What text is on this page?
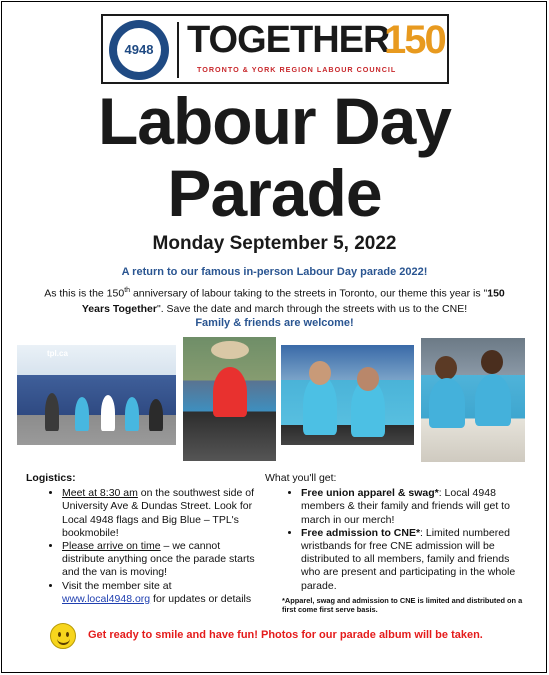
4948 TOGETHER
150
TORONTO & YORK REGION LABOUR COUNCIL
Labour Day
Parade
Monday September 5, 2022
A return to our famous in-person Labour Day parade 2022!
As this is the 150th anniversary of labour taking to the streets in Toronto, our theme this year is "150 Years Together". Save the date and march through the streets with us to the CNE!
Family & friends are welcome!
tpl.ca
Logistics:
• Meet at 8:30 am on the southwest side of University Ave & Dundas Street. Look for Local 4948 flags and Big Blue – TPL's bookmobile!
• Please arrive on time – we cannot distribute anything once the parade starts and the van is moving!
• Visit the member site at www.local4948.org for updates or details
What you'll get:
• Free union apparel & swag*: Local 4948 members & their family and friends will get to march in our merch!
• Free admission to CNE*: Limited numbered wristbands for free CNE admission will be distributed to all members, family and friends who are present and participating in the whole parade.
*Apparel, swag and admission to CNE is limited and distributed on a first come first serve basis.
Get ready to smile and have fun! Photos for our parade album will be taken.
